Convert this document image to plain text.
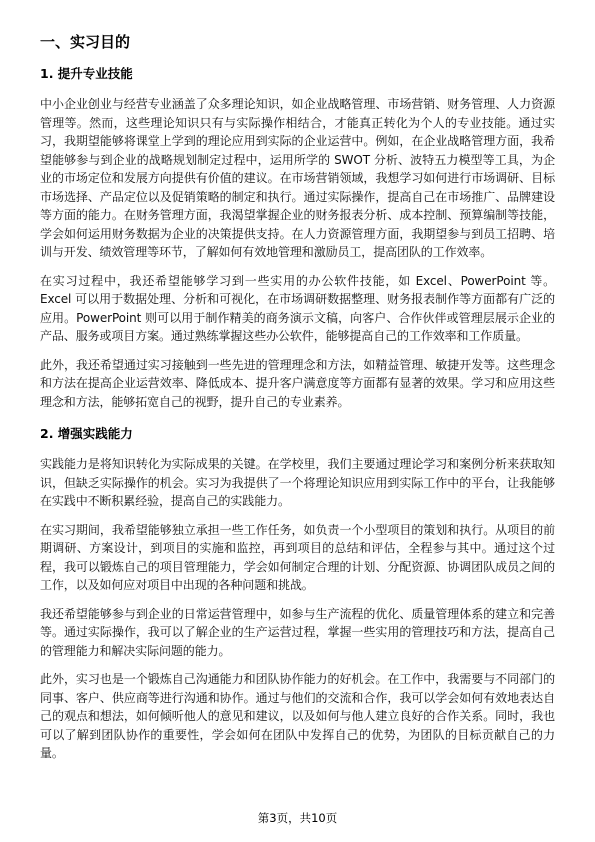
一、实习目的
1. 提升专业技能

中小企业创业与经营专业涵盖了众多理论知识，如企业战略管理、市场营销、财务管理、人力资源管理等。然而，这些理论知识只有与实际操作相结合，才能真正转化为个人的专业技能。通过实习，我期望能够将课堂上学到的理论应用到实际的企业运营中。例如，在企业战略管理方面，我希望能够参与到企业的战略规划制定过程中，运用所学的 SWOT 分析、波特五力模型等工具，为企业的市场定位和发展方向提供有价值的建议。在市场营销领域，我想学习如何进行市场调研、目标市场选择、产品定位以及促销策略的制定和执行。通过实际操作，提高自己在市场推广、品牌建设等方面的能力。在财务管理方面，我渴望掌握企业的财务报表分析、成本控制、预算编制等技能，学会如何运用财务数据为企业的决策提供支持。在人力资源管理方面，我期望参与到员工招聘、培训与开发、绩效管理等环节，了解如何有效地管理和激励员工，提高团队的工作效率。

在实习过程中，我还希望能够学习到一些实用的办公软件技能，如 Excel、PowerPoint 等。Excel 可以用于数据处理、分析和可视化，在市场调研数据整理、财务报表制作等方面都有广泛的应用。PowerPoint 则可以用于制作精美的商务演示文稿，向客户、合作伙伴或管理层展示企业的产品、服务或项目方案。通过熟练掌握这些办公软件，能够提高自己的工作效率和工作质量。

此外，我还希望通过实习接触到一些先进的管理理念和方法，如精益管理、敏捷开发等。这些理念和方法在提高企业运营效率、降低成本、提升客户满意度等方面都有显著的效果。学习和应用这些理念和方法，能够拓宽自己的视野，提升自己的专业素养。

2. 增强实践能力

实践能力是将知识转化为实际成果的关键。在学校里，我们主要通过理论学习和案例分析来获取知识，但缺乏实际操作的机会。实习为我提供了一个将理论知识应用到实际工作中的平台，让我能够在实践中不断积累经验，提高自己的实践能力。

在实习期间，我希望能够独立承担一些工作任务，如负责一个小型项目的策划和执行。从项目的前期调研、方案设计，到项目的实施和监控，再到项目的总结和评估，全程参与其中。通过这个过程，我可以锻炼自己的项目管理能力，学会如何制定合理的计划、分配资源、协调团队成员之间的工作，以及如何应对项目中出现的各种问题和挑战。

我还希望能够参与到企业的日常运营管理中，如参与生产流程的优化、质量管理体系的建立和完善等。通过实际操作，我可以了解企业的生产运营过程，掌握一些实用的管理技巧和方法，提高自己的管理能力和解决实际问题的能力。

此外，实习也是一个锻炼自己沟通能力和团队协作能力的好机会。在工作中，我需要与不同部门的同事、客户、供应商等进行沟通和协作。通过与他们的交流和合作，我可以学会如何有效地表达自己的观点和想法，如何倾听他人的意见和建议，以及如何与他人建立良好的合作关系。同时，我也可以了解到团队协作的重要性，学会如何在团队中发挥自己的优势，为团队的目标贡献自己的力量。

第3页，共10页
